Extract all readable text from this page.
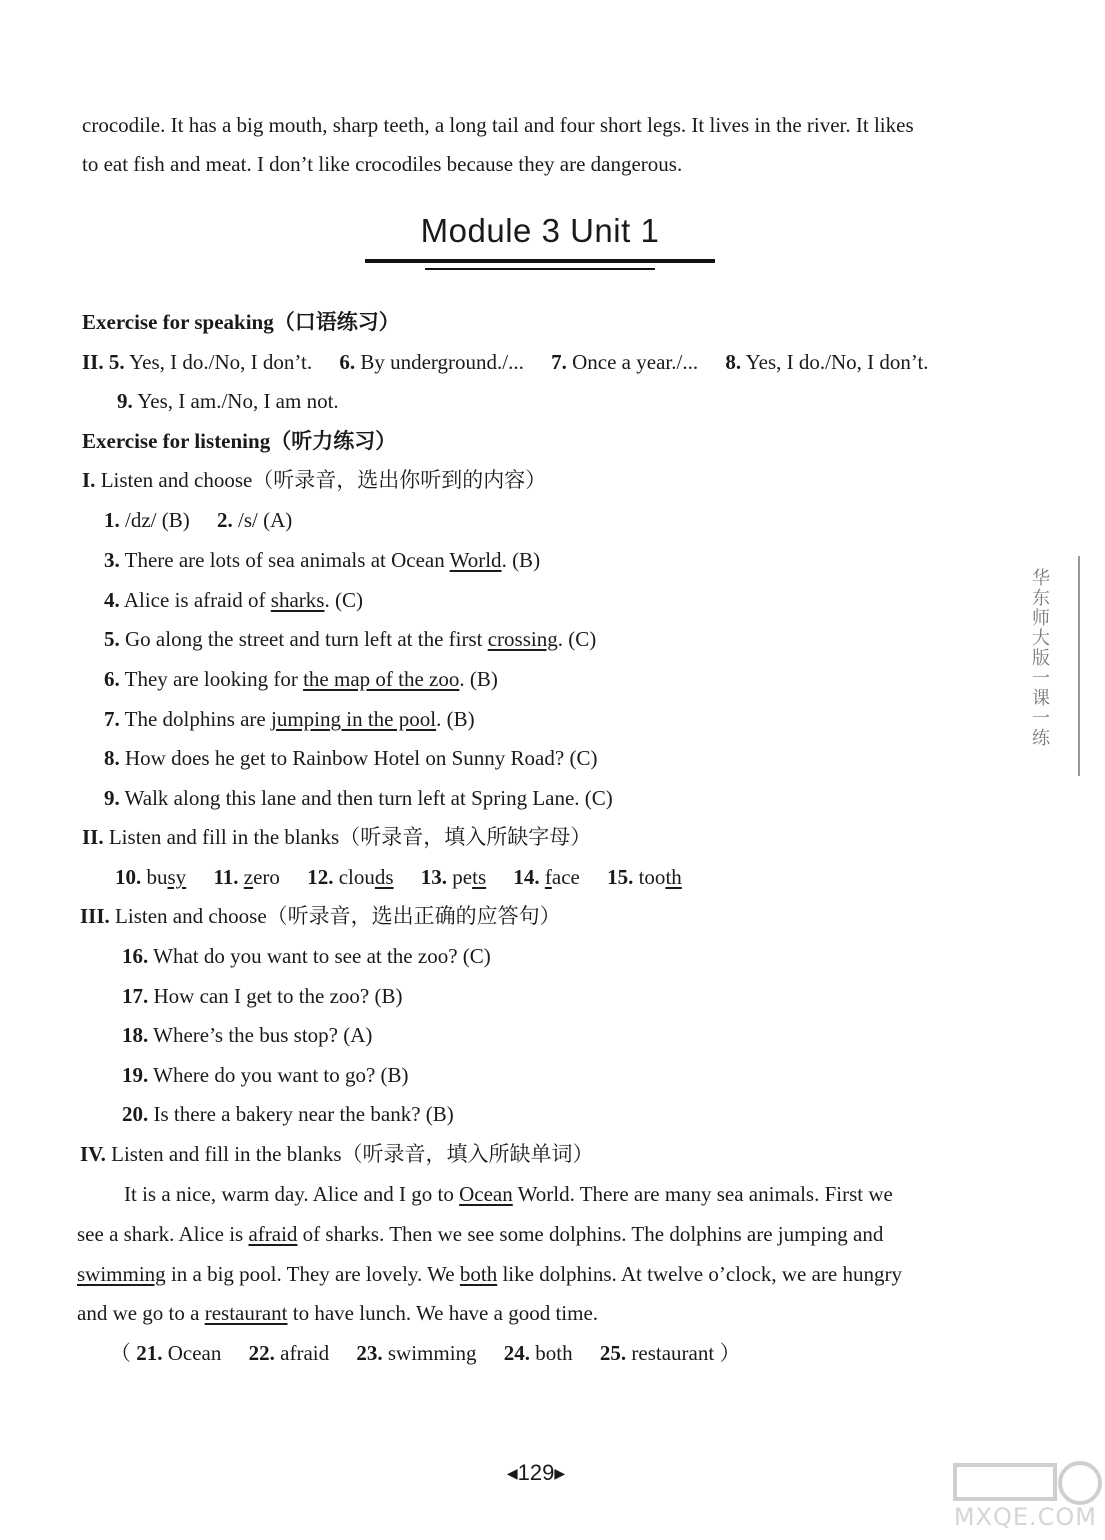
crocodile. It has a big mouth, sharp teeth, a long tail and four short legs. It lives in the river. It likes
to eat fish and meat. I don’t like crocodiles because they are dangerous.
Module 3 Unit 1
Exercise for speaking（口语练习）
II. 5. Yes, I do./No, I don’t. 6. By underground./... 7. Once a year./... 8. Yes, I do./No, I don’t.
9. Yes, I am./No, I am not.
Exercise for listening（听力练习）
I. Listen and choose（听录音，选出你听到的内容）
1. /dz/ (B) 2. /s/ (A)
3. There are lots of sea animals at Ocean World. (B)
4. Alice is afraid of sharks. (C)
5. Go along the street and turn left at the first crossing. (C)
6. They are looking for the map of the zoo. (B)
7. The dolphins are jumping in the pool. (B)
8. How does he get to Rainbow Hotel on Sunny Road? (C)
9. Walk along this lane and then turn left at Spring Lane. (C)
II. Listen and fill in the blanks（听录音，填入所缺字母）
10. busy 11. zero 12. clouds 13. pets 14. face 15. tooth
III. Listen and choose（听录音，选出正确的应答句）
16. What do you want to see at the zoo? (C)
17. How can I get to the zoo? (B)
18. Where’s the bus stop? (A)
19. Where do you want to go? (B)
20. Is there a bakery near the bank? (B)
IV. Listen and fill in the blanks（听录音，填入所缺单词）
It is a nice, warm day. Alice and I go to Ocean World. There are many sea animals. First we
see a shark. Alice is afraid of sharks. Then we see some dolphins. The dolphins are jumping and
swimming in a big pool. They are lovely. We both like dolphins. At twelve o’clock, we are hungry
and we go to a restaurant to have lunch. We have a good time.
（ 21. Ocean 22. afraid 23. swimming 24. both 25. restaurant ）
华东师大版一课一练
◀129▶
MXQE.COM
